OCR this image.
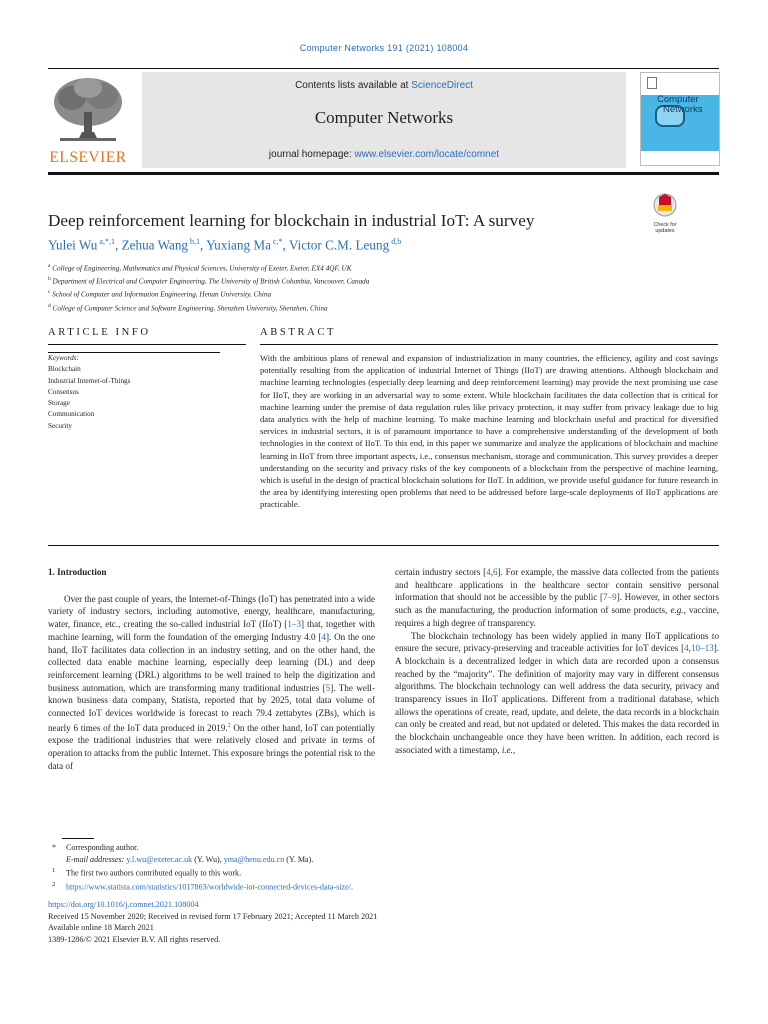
Computer Networks 191 (2021) 108004
ELSEVIER
Contents lists available at ScienceDirect
Computer Networks
journal homepage: www.elsevier.com/locate/comnet
Computer
Networks
Deep reinforcement learning for blockchain in industrial IoT: A survey	Check for updates
Yulei Wu $^{a,*,1}$, Zehua Wang $^{b,1}$, Yuxiang Ma $^{c,*}$, Victor C.M. Leung $^{d,b}$
$^a$ College of Engineering, Mathematics and Physical Sciences, University of Exeter, Exeter, EX4 4QF, UK
$^b$ Department of Electrical and Computer Engineering, The University of British Columbia, Vancouver, Canada
$^c$ School of Computer and Information Engineering, Henan University, China
$^d$ College of Computer Science and Software Engineering, Shenzhen University, Shenzhen, China
ARTICLE INFO	ABSTRACT
Keywords:
Blockchain
Industrial Internet-of-Things
Consensus
Storage
Communication
Security
With the ambitious plans of renewal and expansion of industrialization in many countries, the efficiency, agility and cost savings potentially resulting from the application of industrial Internet of Things (IIoT) are drawing attentions. Although blockchain and machine learning technologies (especially deep learning and deep reinforcement learning) may provide the next promising use case for IIoT, they are working in an adversarial way to some extent. While blockchain facilitates the data collection that is critical for machine learning under the premise of data regulation rules like privacy protection, it may suffer from privacy leakage due to big data analytics with the help of machine learning. To make machine learning and blockchain useful and practical for diversified services in industrial sectors, it is of paramount importance to have a comprehensive understanding of the development of both technologies in the context of IIoT. To this end, in this paper we summarize and analyze the applications of blockchain and machine learning in IIoT from three important aspects, i.e., consensus mechanism, storage and communication. This survey provides a deeper understanding on the security and privacy risks of the key components of a blockchain from the perspective of machine learning, which is useful in the design of practical blockchain solutions for IIoT. In addition, we provide useful guidance for future research in the area by identifying interesting open problems that need to be addressed before large-scale deployments of IIoT applications are practicable.

1. Introduction

Over the past couple of years, the Internet-of-Things (IoT) has penetrated into a wide variety of industry sectors, including automotive, energy, healthcare, manufacturing, water, finance, etc., creating the so-called industrial IoT (IIoT) [1–3] that, together with machine learning, will form the foundation of the emerging Industry 4.0 [4]. On the one hand, IIoT facilitates data collection in an industry setting, and on the other hand, the collected data enable machine learning, especially deep learning (DL) and deep reinforcement learning (DRL) algorithms to be well trained to help the digitization and business automation, which are transforming many traditional industries [5]. The well-known business data company, Statista, reported that by 2025, total data volume of connected IoT devices worldwide is forecast to reach 79.4 zettabytes (ZBs), which is nearly 6 times of the IoT data produced in 2019.$^2$ On the other hand, IoT can potentially expose the traditional industries that were relatively closed and private in terms of operation to attacks from the public Internet. This exposure brings the potential risk to the data of

certain industry sectors [4,6]. For example, the massive data collected from the patients and healthcare applications in the healthcare sector contain sensitive personal information that should not be accessible by the public [7–9]. However, in other sectors such as the manufacturing, the production information of some products, e.g., vaccine, requires a high degree of transparency.

The blockchain technology has been widely applied in many IIoT applications to ensure the secure, privacy-preserving and traceable activities for IoT devices [4,10–13]. A blockchain is a decentralized ledger in which data are recorded upon a consensus reached by the “majority”. The definition of majority may vary in different consensus algorithms. The blockchain technology can well address the data security, privacy and transparency issues in IIoT applications. Different from a traditional database, which allows the operations of create, read, update, and delete, the data records in a blockchain can only be created and read, but not updated or deleted. This makes the data recorded in the blockchain unchangeable once they have been written. In addition, each record is associated with a timestamp, i.e.,

* Corresponding author.
E-mail addresses: y.l.wu@exeter.ac.uk (Y. Wu), yma@henu.edu.cn (Y. Ma).
$^1$ The first two authors contributed equally to this work.
$^2$ https://www.statista.com/statistics/1017863/worldwide-iot-connected-devices-data-size/.
https://doi.org/10.1016/j.comnet.2021.108004
Received 15 November 2020; Received in revised form 17 February 2021; Accepted 11 March 2021
Available online 18 March 2021
1389-1286/© 2021 Elsevier B.V. All rights reserved.
